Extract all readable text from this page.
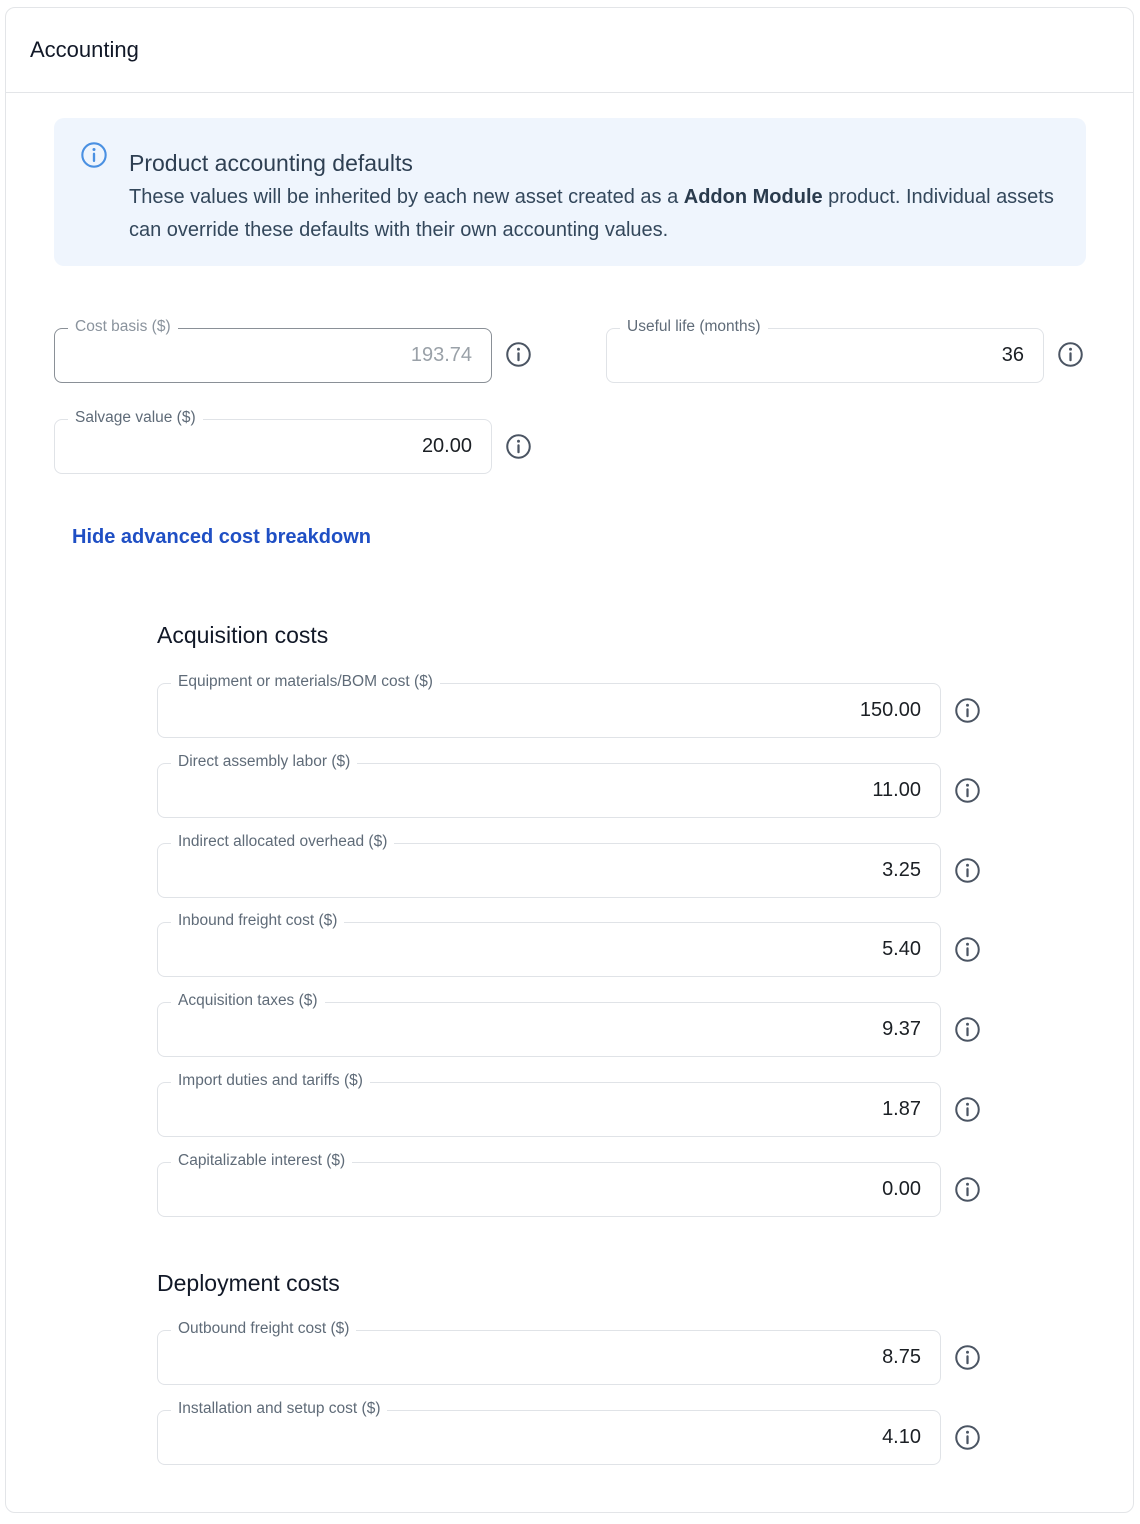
Accounting
Product accounting defaults
These values will be inherited by each new asset created as a Addon Module product. Individual assets can override these defaults with their own accounting values.
Cost basis ($)
193.74
Useful life (months)
36
Salvage value ($)
20.00
Hide advanced cost breakdown
Acquisition costs
Equipment or materials/BOM cost ($)
150.00
Direct assembly labor ($)
11.00
Indirect allocated overhead ($)
3.25
Inbound freight cost ($)
5.40
Acquisition taxes ($)
9.37
Import duties and tariffs ($)
1.87
Capitalizable interest ($)
0.00
Deployment costs
Outbound freight cost ($)
8.75
Installation and setup cost ($)
4.10
